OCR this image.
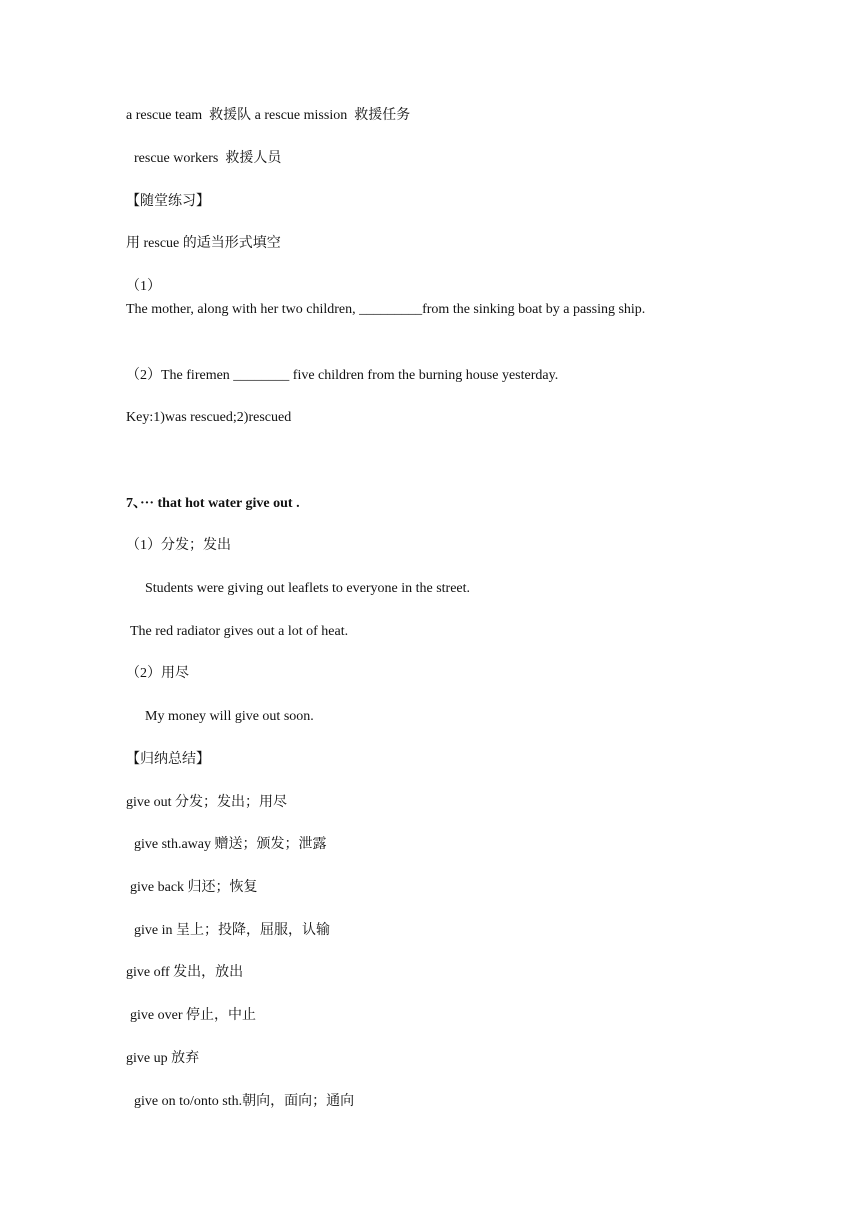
a rescue team  救援队 a rescue mission  救援任务
rescue workers  救援人员
【随堂练习】
用 rescue 的适当形式填空
（1）
The mother, along with her two children, _________from the sinking boat by a passing ship.
（2）The firemen ________ five children from the burning house yesterday.
Key:1)was rescued;2)rescued
7、··· that hot water give out .
（1）分发；发出
Students were giving out leaflets to everyone in the street.
The red radiator gives out a lot of heat.
（2）用尽
My money will give out soon.
【归纳总结】
give out 分发；发出；用尽
give sth.away 赠送；颁发；泄露
give back 归还；恢复
give in 呈上；投降，屈服，认输
give off 发出，放出
give over 停止，中止
give up 放弃
give on to/onto sth.朝向，面向；通向
